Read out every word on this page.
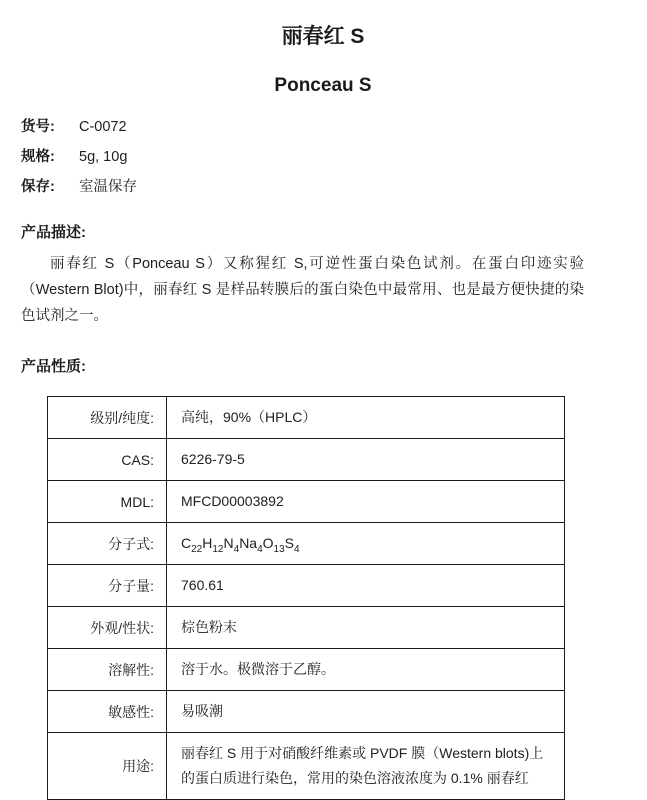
丽春红 S
Ponceau S
货号: C-0072
规格: 5g, 10g
保存: 室温保存
产品描述:

丽春红 S（Ponceau S）又称猩红 S,可逆性蛋白染色试剂。在蛋白印迹实验（Western Blot)中，丽春红 S 是样品转膜后的蛋白染色中最常用、也是最方便快捷的染色试剂之一。

产品性质:
级别/纯度:	高纯，90%（HPLC）
CAS:	6226-79-5
MDL:	MFCD00003892
分子式:	$C_{22}H_{12}N_4Na_4O_{13}S_4$
分子量:	760.61
外观/性状:	棕色粉末
溶解性:	溶于水。极微溶于乙醇。
敏感性:	易吸潮
用途:	丽春红 S 用于对硝酸纤维素或 PVDF 膜（Western blots)上的蛋白质进行染色，常用的染色溶液浓度为 0.1% 丽春红
